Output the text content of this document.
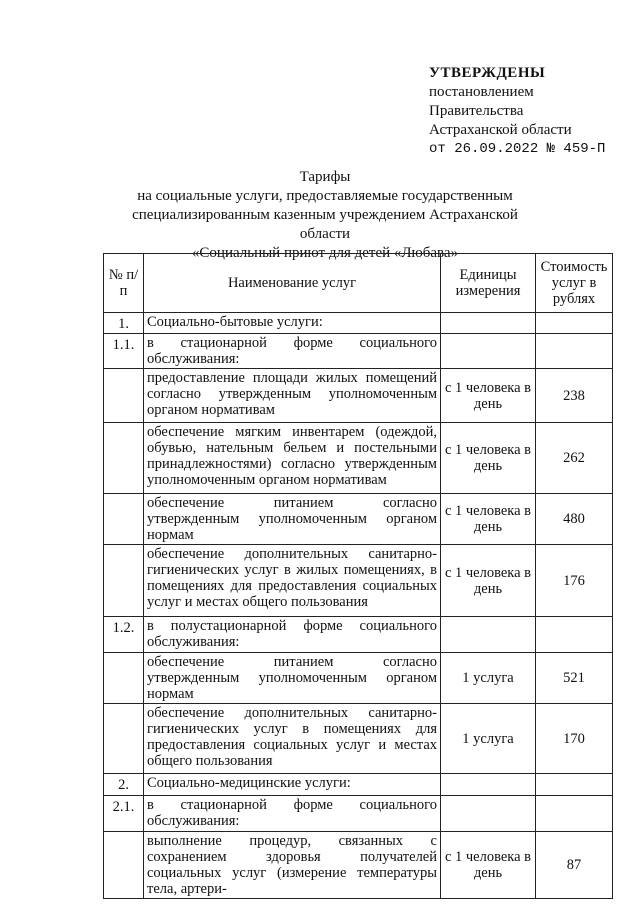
УТВЕРЖДЕНЫ
постановлением
Правительства
Астраханской области
от 26.09.2022 № 459-П
Тарифы
на социальные услуги, предоставляемые государственным
специализированным казенным учреждением Астраханской области
«Социальный приют для детей «Любава»
№ п/п	Наименование услуг	Единицы измерения	Стоимость услуг в рублях
1.	Социально-бытовые услуги:		
1.1.	в стационарной форме социального обслуживания:		
	предоставление площади жилых помещений согласно утвержденным уполномоченным органом нормативам	с 1 человека в день	238
	обеспечение мягким инвентарем (одеждой, обувью, нательным бельем и постельными принадлежностями) согласно утвержденным уполномоченным органом нормативам	с 1 человека в день	262
	обеспечение питанием согласно утвержденным уполномоченным органом нормам	с 1 человека в день	480
	обеспечение дополнительных санитарно-гигиенических услуг в жилых помещениях, в помещениях для предоставления социальных услуг и местах общего пользования	с 1 человека в день	176
1.2.	в полустационарной форме социального обслуживания:		
	обеспечение питанием согласно утвержденным уполномоченным органом нормам	1 услуга	521
	обеспечение дополнительных санитарно-гигиенических услуг в помещениях для предоставления социальных услуг и местах общего пользования	1 услуга	170
2.	Социально-медицинские услуги:		
2.1.	в стационарной форме социального обслуживания:		
	выполнение процедур, связанных с сохранением здоровья получателей социальных услуг (измерение температуры тела, артери-	с 1 человека в день	87
